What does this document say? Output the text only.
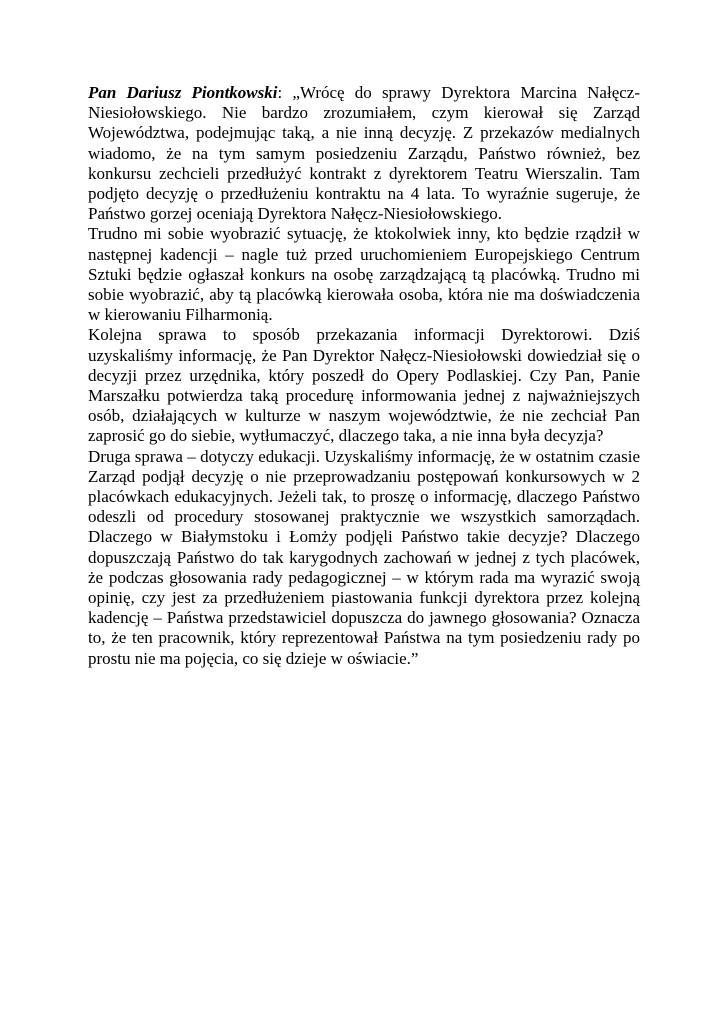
Pan Dariusz Piontkowski: „Wrócę do sprawy Dyrektora Marcina Nałęcz-Niesiołowskiego. Nie bardzo zrozumiałem, czym kierował się Zarząd Województwa, podejmując taką, a nie inną decyzję. Z przekazów medialnych wiadomo, że na tym samym posiedzeniu Zarządu, Państwo również, bez konkursu zechcieli przedłużyć kontrakt z dyrektorem Teatru Wierszalin. Tam podjęto decyzję o przedłużeniu kontraktu na 4 lata. To wyraźnie sugeruje, że Państwo gorzej oceniają Dyrektora Nałęcz-Niesiołowskiego.

Trudno mi sobie wyobrazić sytuację, że ktokolwiek inny, kto będzie rządził w następnej kadencji – nagle tuż przed uruchomieniem Europejskiego Centrum Sztuki będzie ogłaszał konkurs na osobę zarządzającą tą placówką. Trudno mi sobie wyobrazić, aby tą placówką kierowała osoba, która nie ma doświadczenia w kierowaniu Filharmonią.

Kolejna sprawa to sposób przekazania informacji Dyrektorowi. Dziś uzyskaliśmy informację, że Pan Dyrektor Nałęcz-Niesiołowski dowiedział się o decyzji przez urzędnika, który poszedł do Opery Podlaskiej. Czy Pan, Panie Marszałku potwierdza taką procedurę informowania jednej z najważniejszych osób, działających w kulturze w naszym województwie, że nie zechciał Pan zaprosić go do siebie, wytłumaczyć, dlaczego taka, a nie inna była decyzja?

Druga sprawa – dotyczy edukacji. Uzyskaliśmy informację, że w ostatnim czasie Zarząd podjął decyzję o nie przeprowadzaniu postępowań konkursowych w 2 placówkach edukacyjnych. Jeżeli tak, to proszę o informację, dlaczego Państwo odeszli od procedury stosowanej praktycznie we wszystkich samorządach. Dlaczego w Białymstoku i Łomży podjęli Państwo takie decyzje? Dlaczego dopuszczają Państwo do tak karygodnych zachowań w jednej z tych placówek, że podczas głosowania rady pedagogicznej – w którym rada ma wyrazić swoją opinię, czy jest za przedłużeniem piastowania funkcji dyrektora przez kolejną kadencję – Państwa przedstawiciel dopuszcza do jawnego głosowania? Oznacza to, że ten pracownik, który reprezentował Państwa na tym posiedzeniu rady po prostu nie ma pojęcia, co się dzieje w oświacie.”
